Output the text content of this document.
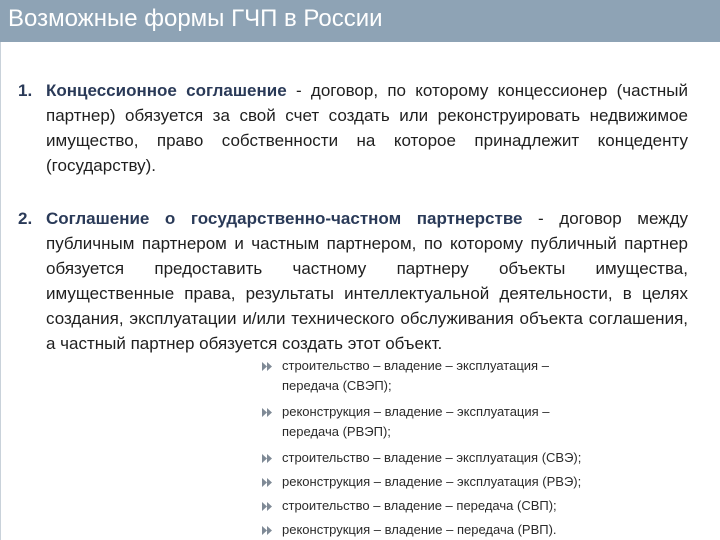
Возможные формы ГЧП в России

1. Концессионное соглашение - договор, по которому концессионер (частный партнер) обязуется за свой счет создать или реконструировать недвижимое имущество, право собственности на которое принадлежит концеденту (государству).

2. Соглашение о государственно-частном партнерстве - договор между публичным партнером и частным партнером, по которому публичный партнер обязуется предоставить частному партнеру объекты имущества, имущественные права, результаты интеллектуальной деятельности, в целях создания, эксплуатации и/или технического обслуживания объекта соглашения, а частный партнер обязуется создать этот объект.

строительство – владение – эксплуатация – передача (СВЭП);
реконструкция – владение – эксплуатация – передача (РВЭП);
строительство – владение – эксплуатация (СВЭ);
реконструкция – владение – эксплуатация (РВЭ);
строительство – владение – передача (СВП);
реконструкция – владение – передача (РВП).
